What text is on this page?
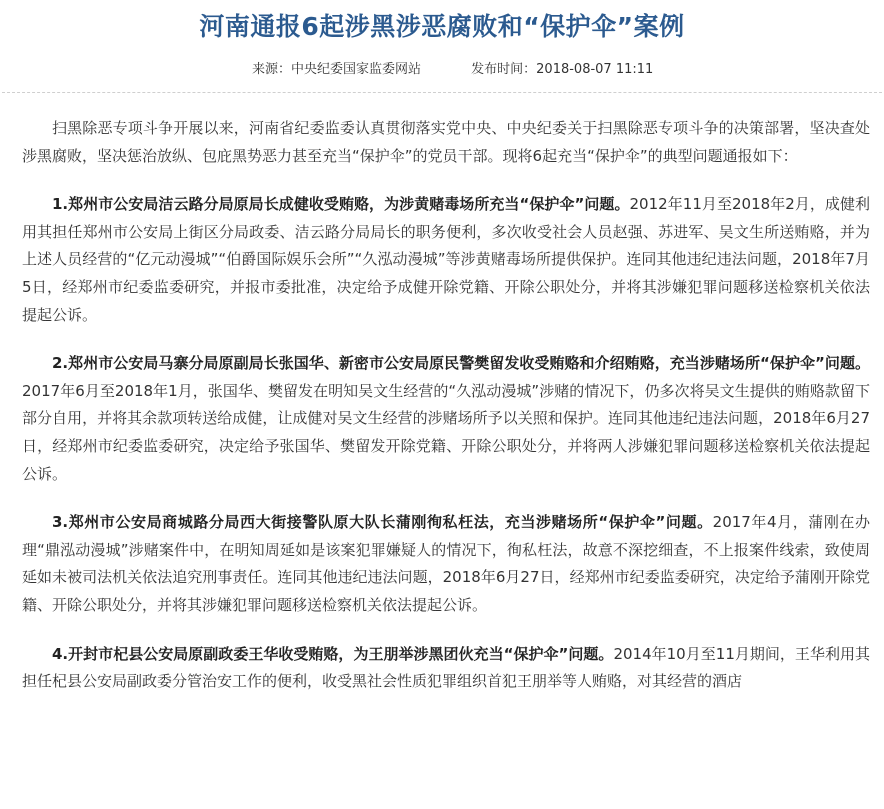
河南通报6起涉黑涉恶腐败和“保护伞”案例
来源：中央纪委国家监委网站	发布时间：2018-08-07 11:11

扫黑除恶专项斗争开展以来，河南省纪委监委认真贯彻落实党中央、中央纪委关于扫黑除恶专项斗争的决策部署，坚决查处涉黑腐败，坚决惩治放纵、包庇黑势恶力甚至充当“保护伞”的党员干部。现将6起充当“保护伞”的典型问题通报如下：

1.郑州市公安局洁云路分局原局长成健收受贿赂，为涉黄赌毒场所充当“保护伞”问题。2012年11月至2018年2月，成健利用其担任郑州市公安局上街区分局政委、洁云路分局局长的职务便利，多次收受社会人员赵强、苏进军、吴文生所送贿赂，并为上述人员经营的“亿元动漫城”“伯爵国际娱乐会所”“久泓动漫城”等涉黄赌毒场所提供保护。连同其他违纪违法问题，2018年7月5日，经郑州市纪委监委研究，并报市委批准，决定给予成健开除党籍、开除公职处分，并将其涉嫌犯罪问题移送检察机关依法提起公诉。

2.郑州市公安局马寨分局原副局长张国华、新密市公安局原民警樊留发收受贿赂和介绍贿赂，充当涉赌场所“保护伞”问题。2017年6月至2018年1月，张国华、樊留发在明知吴文生经营的“久泓动漫城”涉赌的情况下，仍多次将吴文生提供的贿赂款留下部分自用，并将其余款项转送给成健，让成健对吴文生经营的涉赌场所予以关照和保护。连同其他违纪违法问题，2018年6月27日，经郑州市纪委监委研究，决定给予张国华、樊留发开除党籍、开除公职处分，并将两人涉嫌犯罪问题移送检察机关依法提起公诉。

3.郑州市公安局商城路分局西大街接警队原大队长蒲刚徇私枉法，充当涉赌场所“保护伞”问题。2017年4月，蒲刚在办理“鼎泓动漫城”涉赌案件中，在明知周延如是该案犯罪嫌疑人的情况下，徇私枉法，故意不深挖细查，不上报案件线索，致使周延如未被司法机关依法追究刑事责任。连同其他违纪违法问题，2018年6月27日，经郑州市纪委监委研究，决定给予蒲刚开除党籍、开除公职处分，并将其涉嫌犯罪问题移送检察机关依法提起公诉。

4.开封市杞县公安局原副政委王华收受贿赂，为王朋举涉黑团伙充当“保护伞”问题。2014年10月至11月期间，王华利用其担任杞县公安局副政委分管治安工作的便利，收受黑社会性质犯罪组织首犯王朋举等人贿赂，对其经营的酒店
